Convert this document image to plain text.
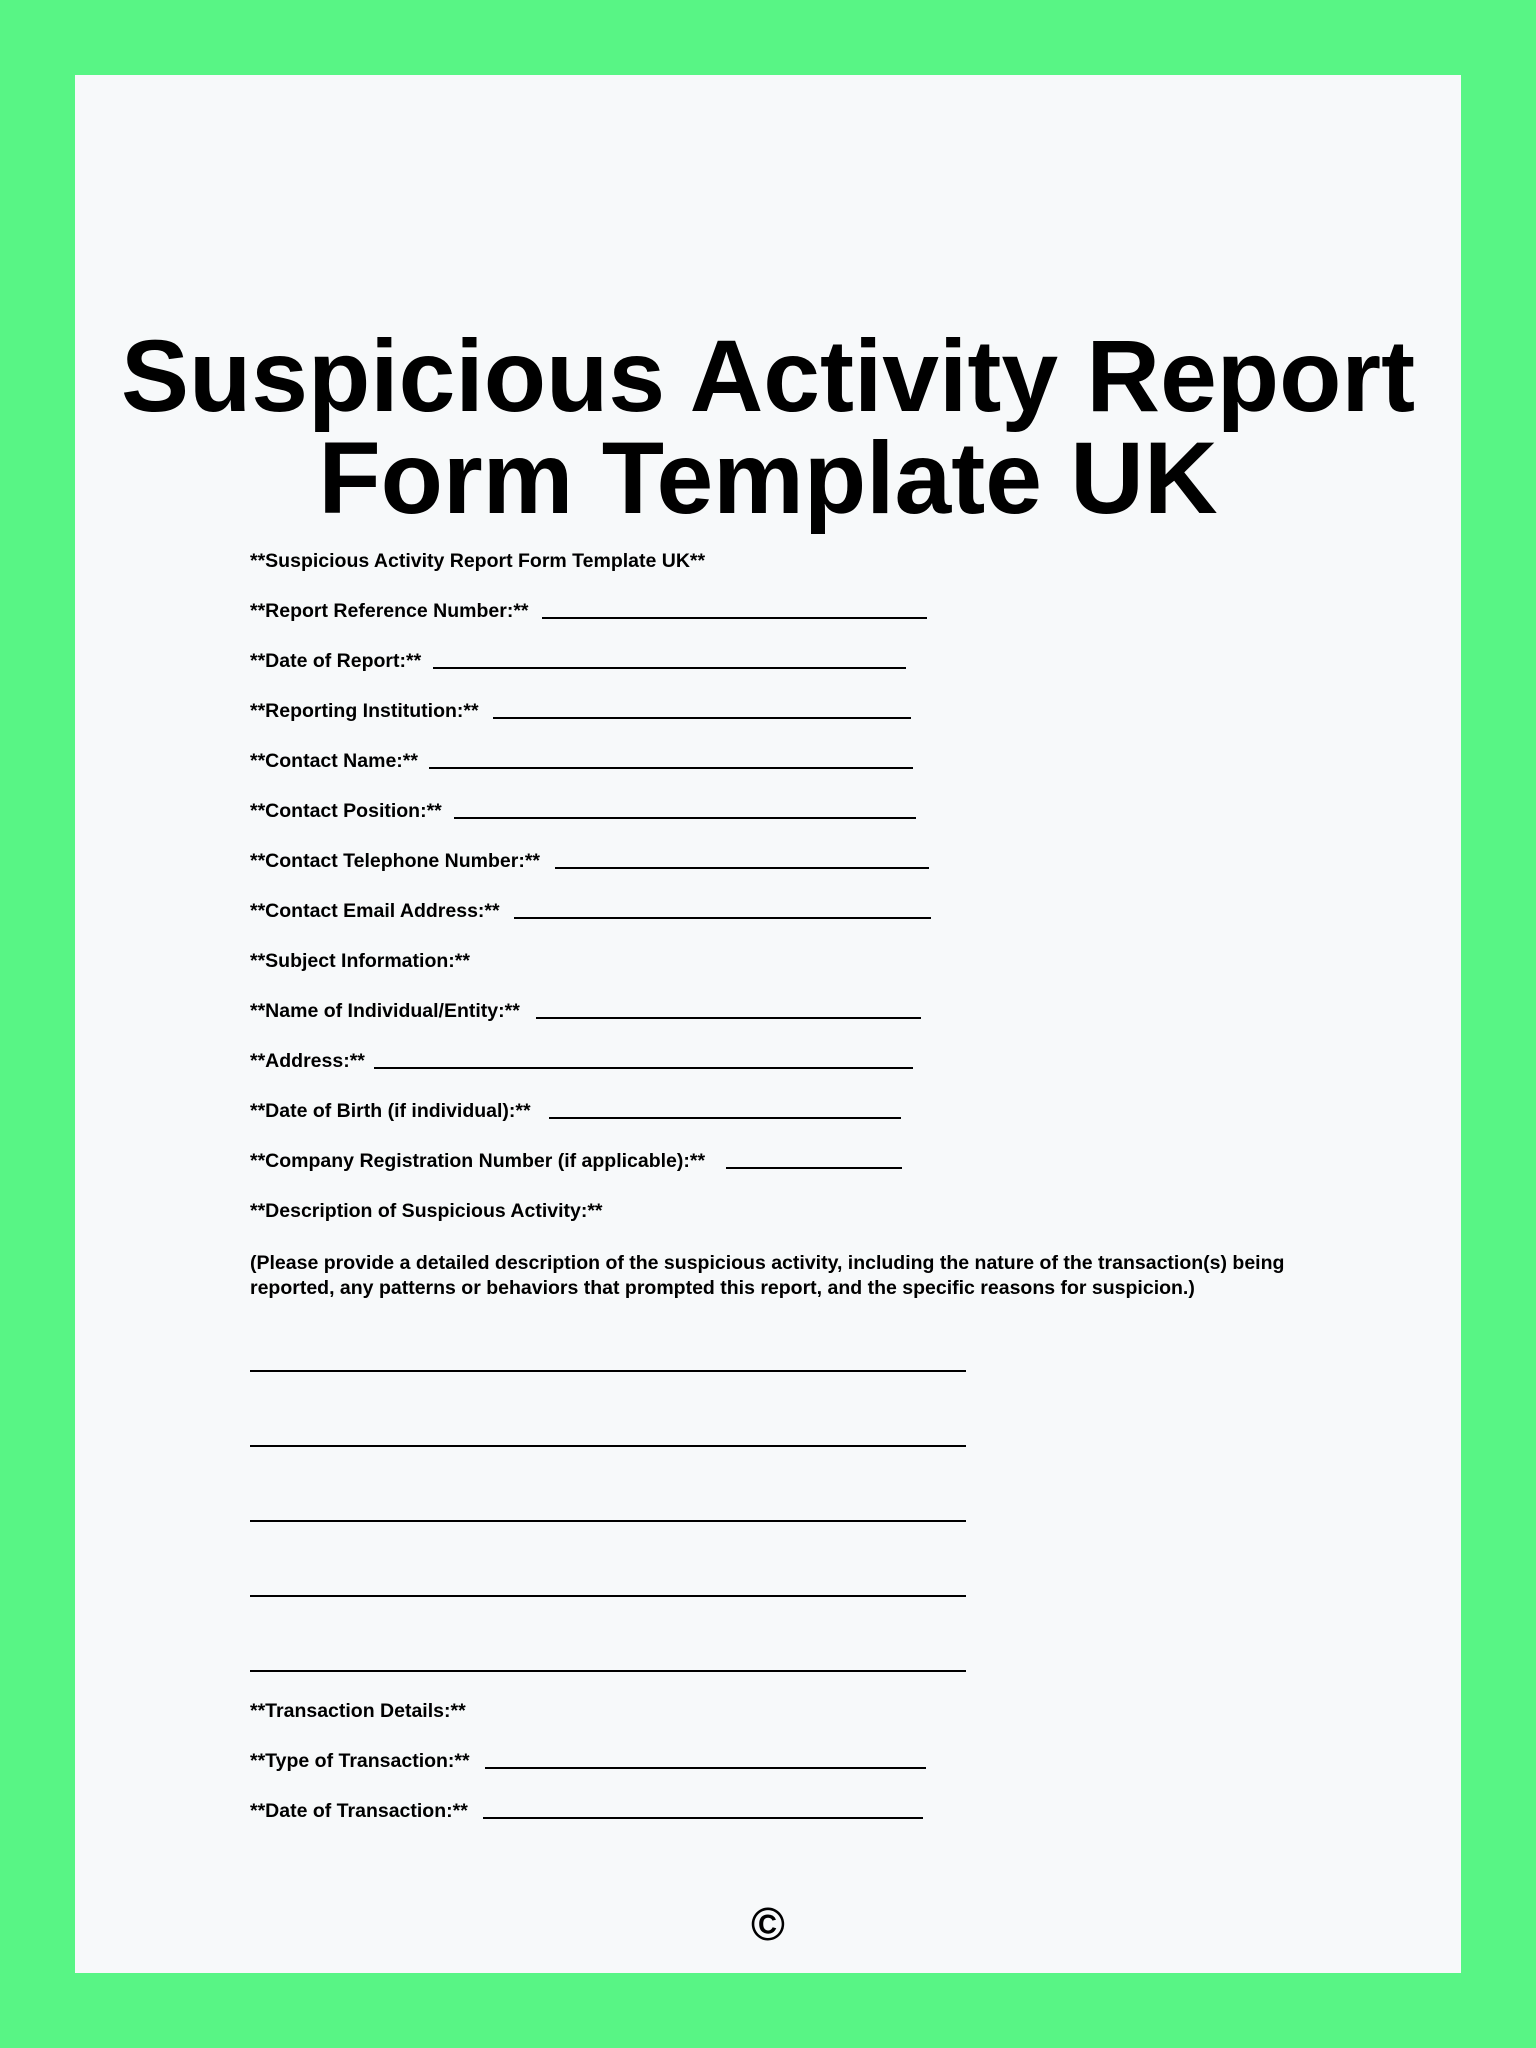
Suspicious Activity Report
Form Template UK
**Suspicious Activity Report Form Template UK**
**Report Reference Number:**
**Date of Report:**
**Reporting Institution:**
**Contact Name:**
**Contact Position:**
**Contact Telephone Number:**
**Contact Email Address:**
**Subject Information:**
**Name of Individual/Entity:**
**Address:**
**Date of Birth (if individual):**
**Company Registration Number (if applicable):**
**Description of Suspicious Activity:**
(Please provide a detailed description of the suspicious activity, including the nature of the transaction(s) being reported, any patterns or behaviors that prompted this report, and the specific reasons for suspicion.)
**Transaction Details:**
**Type of Transaction:**
**Date of Transaction:**
©
